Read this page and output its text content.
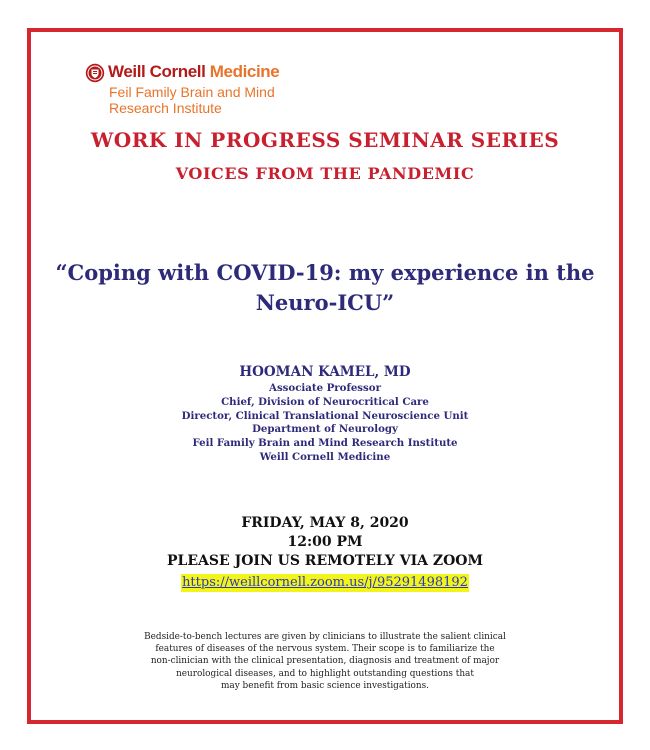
Weill Cornell Medicine
Feil Family Brain and Mind Research Institute
WORK IN PROGRESS SEMINAR SERIES
VOICES FROM THE PANDEMIC
“Coping with COVID-19: my experience in the Neuro-ICU”
HOOMAN KAMEL, MD
Associate Professor
Chief, Division of Neurocritical Care
Director, Clinical Translational Neuroscience Unit
Department of Neurology
Feil Family Brain and Mind Research Institute
Weill Cornell Medicine
FRIDAY, MAY 8, 2020
12:00 PM
PLEASE JOIN US REMOTELY VIA ZOOM
https://weillcornell.zoom.us/j/95291498192
Bedside-to-bench lectures are given by clinicians to illustrate the salient clinical
features of diseases of the nervous system. Their scope is to familiarize the
non-clinician with the clinical presentation, diagnosis and treatment of major
neurological diseases, and to highlight outstanding questions that
may benefit from basic science investigations.
